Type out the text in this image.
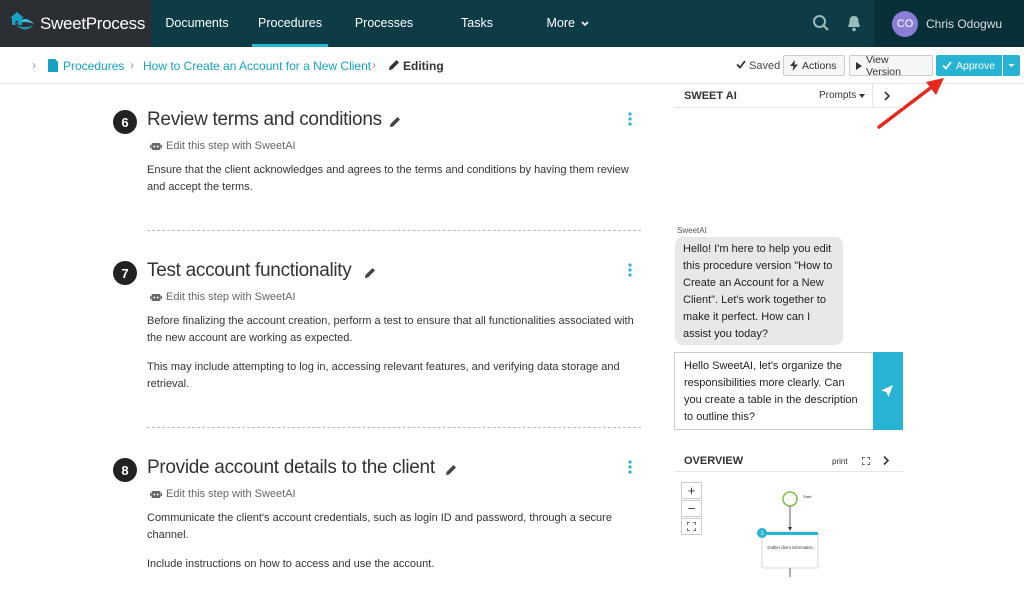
SweetProcess	Documents	Procedures	Processes	Tasks	More	CO	Chris Odogwu
› Procedures › How to Create an Account for a New Client › Editing	Saved Actions	View Version	Approve
6 Review terms and conditions
Edit this step with SweetAI
Ensure that the client acknowledges and agrees to the terms and conditions by having them review and accept the terms.
7 Test account functionality
Edit this step with SweetAI
Before finalizing the account creation, perform a test to ensure that all functionalities associated with the new account are working as expected.
This may include attempting to log in, accessing relevant features, and verifying data storage and retrieval.
8 Provide account details to the client
Edit this step with SweetAI
Communicate the client's account credentials, such as login ID and password, through a secure channel.
Include instructions on how to access and use the account.
SWEET AI	Prompts
SweetAI
Hello! I'm here to help you edit this procedure version "How to Create an Account for a New Client". Let's work together to make it perfect. How can I assist you today?
Hello SweetAI, let's organize the responsibilities more clearly. Can you create a table in the description to outline this?
OVERVIEW	print
+
−
Start
1
Gather client information
